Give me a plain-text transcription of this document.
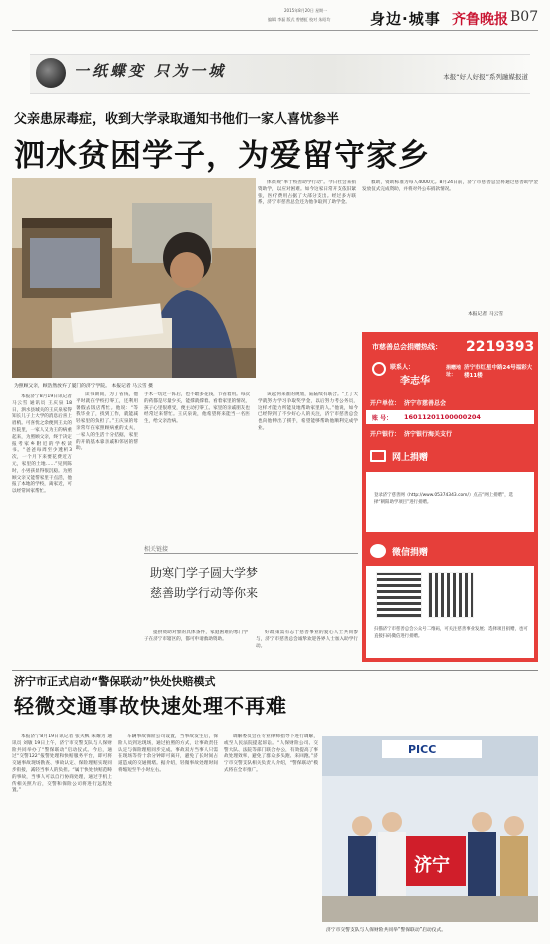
2015年8月20日 星期一
编辑 李磊 版式 曾德虹 校对 朱昭均	身边·城事 齐鲁晚报 B07
一纸蝶变 只为一城	本报“好人好报”系列融媒报道
父亲患尿毒症，收到大学录取通知书他们一家人喜忧参半
泗水贫困学子，为爱留守家乡
为照顾父亲，顾浩然放弃了厦门的济宁学院。 本报记者 马云雪 摄
本报济宁8月19日讯记者 马云雪 通讯员 王庆泉 18日，泗水县城关的王庆泉家得知长儿子上大学的消息后喜上眉梢。可喜忧之余便到王太的医院里，一家人又为王的病重起来，为照顾父亲，终于决定报考家乡附近的学校读书。“爸爸每周至少透析3次，一个月下来要花费近万元，家里的土地……”见到陈时，小男孩显得很沉稳。为照顾父亲又能帮家里干点活，他报了本地的学校，离家近，可以经常回家帮忙。
读书期间，为了省钱，他平时就在学校打零工，还利用暑假去饭店帮忙。他说：“等我毕业了，找到工作，就能减轻家里的负担了。”王庆泉的母亲常年在家照顾病重的丈夫，一家人的生活十分拮据，家里的开销基本靠亲戚和邻居的帮助。
手术一切过一阵后，也不敢多花钱，节省着用。每次的药都是尽量少买，能撑就撑着。看着家里的情况，孩子心里很难受，便主动打零工。家里的亲戚朋友也经常过来帮忙。王庆泉说，他希望将来能当一名医生，给父亲治病。
该起何来准的规划，陆陆续有联合。“上了大学就努力学习争取奖学金，以后努力考公务员，这样才能力所能及地帮助家里的人。”他说，如今已经得到了不少好心人的关注，济宁市慈善总会也向他伸出了援手，希望能够帮助他顺利完成学业。
体贫规”率于校善助学行动”。今日社会来捐资助学，以应对困难。如今这家日常开支依旧紧张，医疗费用占据了大部分支出。经过多方联系，济宁市慈善总会还为他争取到了助学金。
救助，资助标准为每人4000元。8月24日前，济宁市慈善总会将通过慈善助学金发放仪式完成资助，并将对外公布捐款情况。
本报记者 马云雪
市慈善总会捐赠热线： 2219393
联系人：
李志华
捐赠地址：
济宁市红星中路24号福彩大楼11楼
开户单位： 济宁市慈善总会
账 号： 16011201100000204
开户银行： 济宁银行海关支行
网上捐赠
登录济宁慈善网（http://www.05374343.com/）点击“网上捐赠”，选择“朝阳助学项目”进行捐赠。
微信捐赠
扫描济宁市慈善总会公众号二维码，可关注慈善事业发展；选择项目捐赠，也可直接扫码微信进行捐赠。
相关链接
助寒门学子圆大学梦
慈善助学行动等你来
提供资助对象的具体条件，家庭困难的寒门学子在济宁市辖区的，都可申请救助资助。
好政策需有志于慈善事业的爱心人士共同参与，济宁市慈善总会诚挚欢迎各界人士加入助学行动。
济宁市正式启动“警保联动”快处快赔模式
轻微交通事故快速处理不再难
本报济宁8月19日讯记者 张夫枫 朱耀为 通讯员 刘敏 19日上午，济宁市交警支队与人保财险共同举办了“警保联动”启动仪式。今后，通过“交警122”报警处理和快赔服务平台，即可将交通事故现场勘查、事故认定、保险理赔实现同步衔接，减轻当事人的负担。“属于快处快赔范畴的事故，当事人可以自行协商处理，通过手机上传相关照片后，交警和保险公司将进行远程处置。”
车辆事故保险公司设置，当事故发生后，保险人员到达现场，通过拍照的方式，让事故责任认定与保险理赔同步完成。事故双方当事人只需在现场等待十余分钟即可离开，避免了长时间占道造成的交通拥堵。据介绍，轻微事故处理时间将缩短至半小时左右。
调解委员会在专业律师指导下进行调解，或至人民法院提起诉讼。“人保财险公司、交警大队、法院等部门联合办公，有效提高了事故处理效率，避免了群众多头跑、来回跑。”济宁市交警支队相关负责人介绍，“警保联动”模式将在全市推广。
PICC
济宁
济宁市交警支队与人保财险共同举“警保联动”启动仪式。
